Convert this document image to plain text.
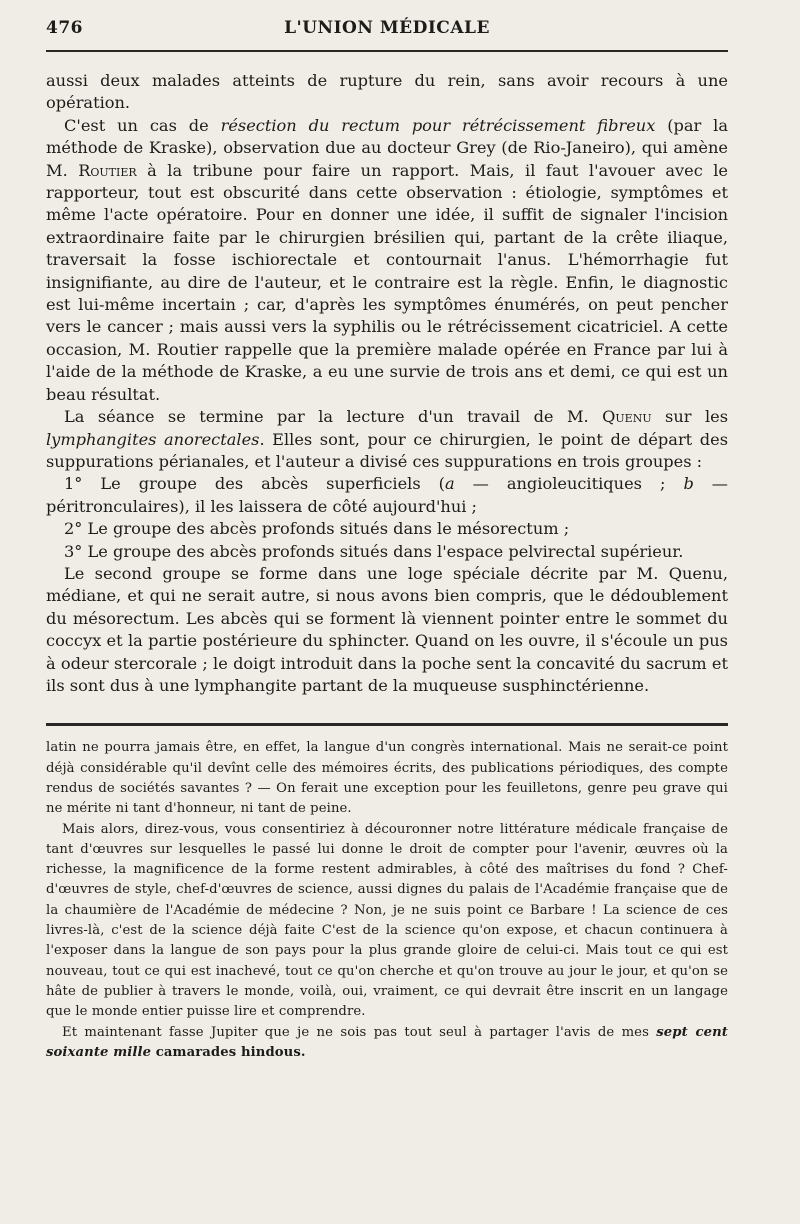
476	L'UNION MÉDICALE

aussi deux malades atteints de rupture du rein, sans avoir recours à une opération.

C'est un cas de résection du rectum pour rétrécissement fibreux (par la méthode de Kraske), observation due au docteur Grey (de Rio-Janeiro), qui amène M. Routier à la tribune pour faire un rapport. Mais, il faut l'avouer avec le rapporteur, tout est obscurité dans cette observation : étiologie, symptômes et même l'acte opératoire. Pour en donner une idée, il suffit de signaler l'incision extraordinaire faite par le chirurgien brésilien qui, partant de la crête iliaque, traversait la fosse ischiorectale et contournait l'anus. L'hémorrhagie fut insignifiante, au dire de l'auteur, et le contraire est la règle. Enfin, le diagnostic est lui-même incertain ; car, d'après les symptômes énumérés, on peut pencher vers le cancer ; mais aussi vers la syphilis ou le rétrécissement cicatriciel. A cette occasion, M. Routier rappelle que la première malade opérée en France par lui à l'aide de la méthode de Kraske, a eu une survie de trois ans et demi, ce qui est un beau résultat.

La séance se termine par la lecture d'un travail de M. Quenu sur les lymphangites anorectales. Elles sont, pour ce chirurgien, le point de départ des suppurations périanales, et l'auteur a divisé ces suppurations en trois groupes :

1° Le groupe des abcès superficiels (a — angioleucitiques ; b — péritronculaires), il les laissera de côté aujourd'hui ;

2° Le groupe des abcès profonds situés dans le mésorectum ;

3° Le groupe des abcès profonds situés dans l'espace pelvirectal supérieur.

Le second groupe se forme dans une loge spéciale décrite par M. Quenu, médiane, et qui ne serait autre, si nous avons bien compris, que le dédoublement du mésorectum. Les abcès qui se forment là viennent pointer entre le sommet du coccyx et la partie postérieure du sphincter. Quand on les ouvre, il s'écoule un pus à odeur stercorale ; le doigt introduit dans la poche sent la concavité du sacrum et ils sont dus à une lymphangite partant de la muqueuse susphinctérienne.

latin ne pourra jamais être, en effet, la langue d'un congrès international. Mais ne serait-ce point déjà considérable qu'il devînt celle des mémoires écrits, des publications périodiques, des compte rendus de sociétés savantes ? — On ferait une exception pour les feuilletons, genre peu grave qui ne mérite ni tant d'honneur, ni tant de peine.

Mais alors, direz-vous, vous consentiriez à découronner notre littérature médicale française de tant d'œuvres sur lesquelles le passé lui donne le droit de compter pour l'avenir, œuvres où la richesse, la magnificence de la forme restent admirables, à côté des maîtrises du fond ? Chef-d'œuvres de style, chef-d'œuvres de science, aussi dignes du palais de l'Académie française que de la chaumière de l'Académie de médecine ? Non, je ne suis point ce Barbare ! La science de ces livres-là, c'est de la science déjà faite C'est de la science qu'on expose, et chacun continuera à l'exposer dans la langue de son pays pour la plus grande gloire de celui-ci. Mais tout ce qui est nouveau, tout ce qui est inachevé, tout ce qu'on cherche et qu'on trouve au jour le jour, et qu'on se hâte de publier à travers le monde, voilà, oui, vraiment, ce qui devrait être inscrit en un langage que le monde entier puisse lire et comprendre.

Et maintenant fasse Jupiter que je ne sois pas tout seul à partager l'avis de mes sept cent soixante mille camarades hindous.
